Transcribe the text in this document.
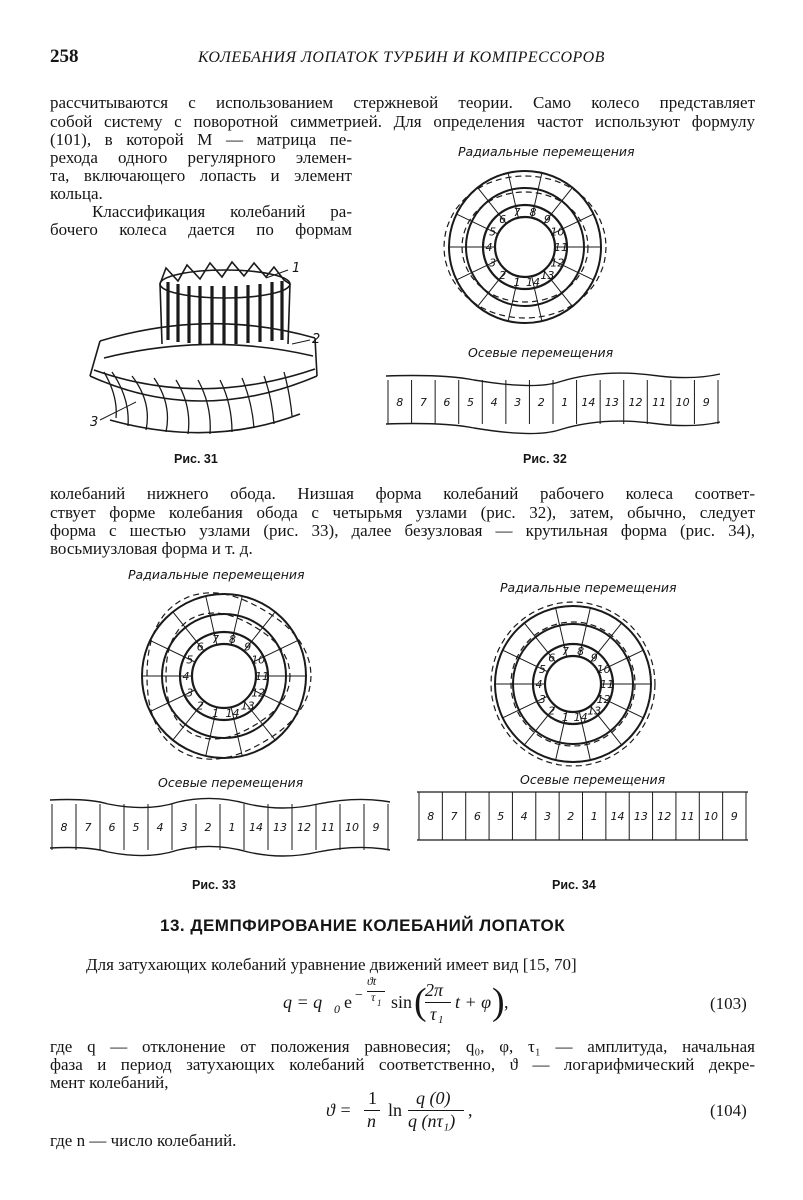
258	КОЛЕБАНИЯ ЛОПАТОК ТУРБИН И КОМПРЕССОРОВ
рассчитываются с использованием стержневой теории. Само колесо представляет
собой систему с поворотной симметрией. Для определения частот используют формулу
(101), в которой М — матрица пе-
рехода одного регулярного элемен-
та, включающего лопасть и элемент
кольца.
Классификация колебаний ра-
бочего колеса дается по формам
1
2
3
Рис. 31
Радиальные перемещения
1
2
3
4
5
6
7 8
9
10
11
12
13
14
Осевые перемещения
8 7 6 5 4 3 2 1 14 13 12 11 10 9
Рис. 32
колебаний нижнего обода. Низшая форма колебаний рабочего колеса соответ-
ствует форме колебания обода с четырьмя узлами (рис. 32), затем, обычно, следует
форма с шестью узлами (рис. 33), далее безузловая — крутильная форма (рис. 34),
восьмиузловая форма и т. д.
Радиальные перемещения
1
2
3
4
5
6
7 8
9
10
11
12
13
14
Осевые перемещения
8 7 6 5 4 3 2 1 14 13 12 11 10 9
Рис. 33
Радиальные перемещения
1
2
3
4
5
6 7 8 9
10
11
12
13
14
Осевые перемещения
8 7 6 5 4 3 2 1 14 13 12 11 10 9
Рис. 34
13. ДЕМПФИРОВАНИЕ КОЛЕБАНИЙ ЛОПАТОК
Для затухающих колебаний уравнение движений имеет вид [15, 70]
q = q 0 e −
ϑt
τ 1 sin (
2π
τ 1
t + φ ) ,	(103)
где q — отклонение от положения равновесия; q₀, φ, τ₁ — амплитуда, начальная
фаза и период затухающих колебаний соответственно, ϑ — логарифмический декре-
мент колебаний,
ϑ =
1
n
ln
q (0)
q (nτ₁)
,	(104)
где n — число колебаний.
